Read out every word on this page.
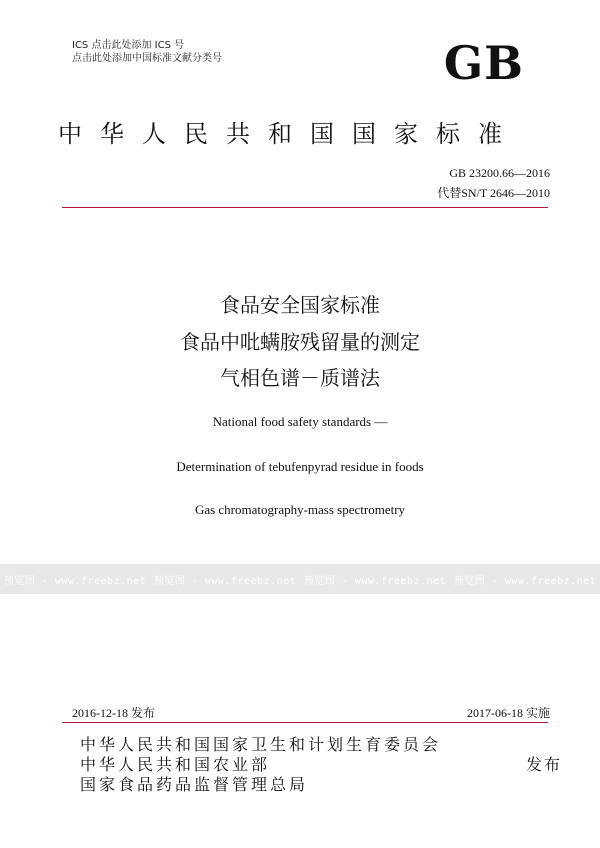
ICS 点击此处添加 ICS 号
点击此处添加中国标准文献分类号	GB
中华人民共和国国家标准
GB 23200.66—2016
代替SN/T 2646—2010
食品安全国家标准
食品中吡螨胺残留量的测定
气相色谱－质谱法
National food safety standards —
Determination of tebufenpyrad residue in foods
Gas chromatography-mass spectrometry
预览图 - www.freebz.net 预览图 - www.freebz.net 预览图 - www.freebz.net 预览图 - www.freebz.net
2016-12-18 发布	2017-06-18 实施
中华人民共和国国家卫生和计划生育委员会
中华人民共和国农业部
国家食品药品监督管理总局
发布
